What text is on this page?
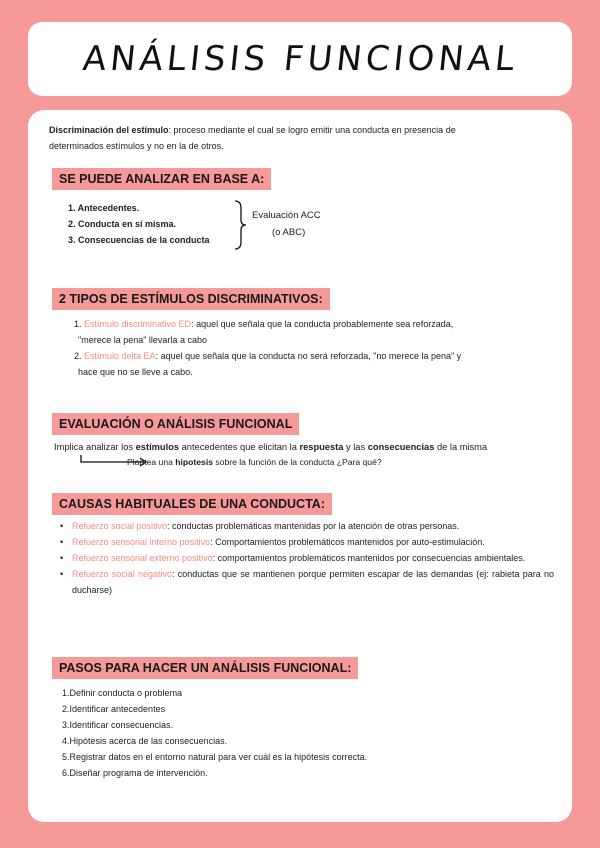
ANÁLISIS FUNCIONAL
Discriminación del estímulo: proceso mediante el cual se logro emitir una conducta en presencia de
determinados estímulos y no en la de otros.
SE PUEDE ANALIZAR EN BASE A:
1. Antecedentes.
2. Conducta en sí misma.
3. Consecuencias de la conducta
Evaluación ACC
(o ABC)
2 TIPOS DE ESTÍMULOS DISCRIMINATIVOS:
1. Estímulo discriminativo ED: aquel que señala que la conducta probablemente sea reforzada,
"merece la pena" llevarla a cabo
2. Estímulo delta EA: aquel que señala que la conducta no será reforzada, "no merece la pena" y
hace que no se lleve a cabo.
EVALUACIÓN O ANÁLISIS FUNCIONAL
Implica analizar los estímulos antecedentes que elicitan la respuesta y las consecuencias de la misma
Plantea una hipotesis sobre la función de la conducta ¿Para qué?
CAUSAS HABITUALES DE UNA CONDUCTA:
• Refuerzo social positivo: conductas problemáticas mantenidas por la atención de otras personas.
• Refuerzo sensorial interno positivo: Comportamientos problemáticos mantenidos por auto-estimulación.
• Refuerzo sensorial externo positivo: comportamientos problemáticos mantenidos por consecuencias ambientales.
• Refuerzo social negativo: conductas que se mantienen porque permiten escapar de las demandas (ej: rabieta para no ducharse)
PASOS PARA HACER UN ANÁLISIS FUNCIONAL:
1.Definir conducta o problema
2.Identificar antecedentes
3.Identificar consecuencias.
4.Hipótesis acerca de las consecuencias.
5.Registrar datos en el entorno natural para ver cuál es la hipótesis correcta.
6.Diseñar programa de intervención.
